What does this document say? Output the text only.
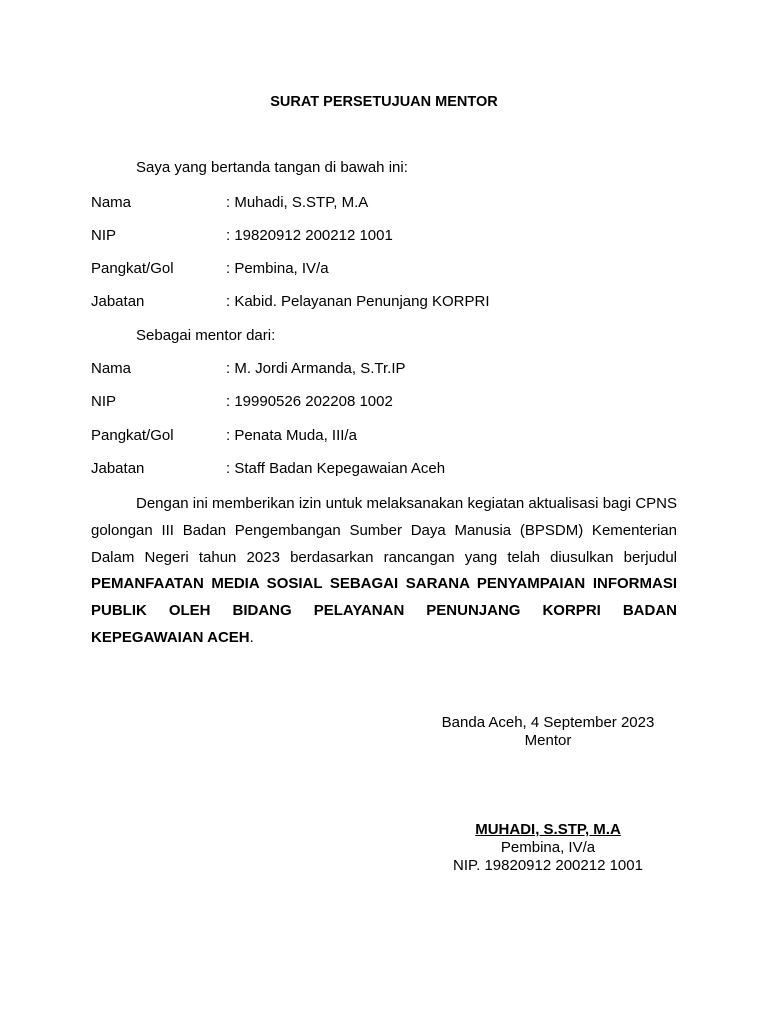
SURAT PERSETUJUAN MENTOR
Saya yang bertanda tangan di bawah ini:
Nama	: Muhadi, S.STP, M.A
NIP	: 19820912 200212 1001
Pangkat/Gol	: Pembina, IV/a
Jabatan	: Kabid. Pelayanan Penunjang KORPRI
Sebagai mentor dari:
Nama	: M. Jordi Armanda, S.Tr.IP
NIP	: 19990526 202208 1002
Pangkat/Gol	: Penata Muda, III/a
Jabatan	: Staff Badan Kepegawaian Aceh
Dengan ini memberikan izin untuk melaksanakan kegiatan aktualisasi bagi CPNS golongan III Badan Pengembangan Sumber Daya Manusia (BPSDM) Kementerian Dalam Negeri tahun 2023 berdasarkan rancangan yang telah diusulkan berjudul PEMANFAATAN MEDIA SOSIAL SEBAGAI SARANA PENYAMPAIAN INFORMASI PUBLIK OLEH BIDANG PELAYANAN PENUNJANG KORPRI BADAN KEPEGAWAIAN ACEH.
Banda Aceh, 4 September 2023
Mentor
MUHADI, S.STP, M.A
Pembina, IV/a
NIP. 19820912 200212 1001
